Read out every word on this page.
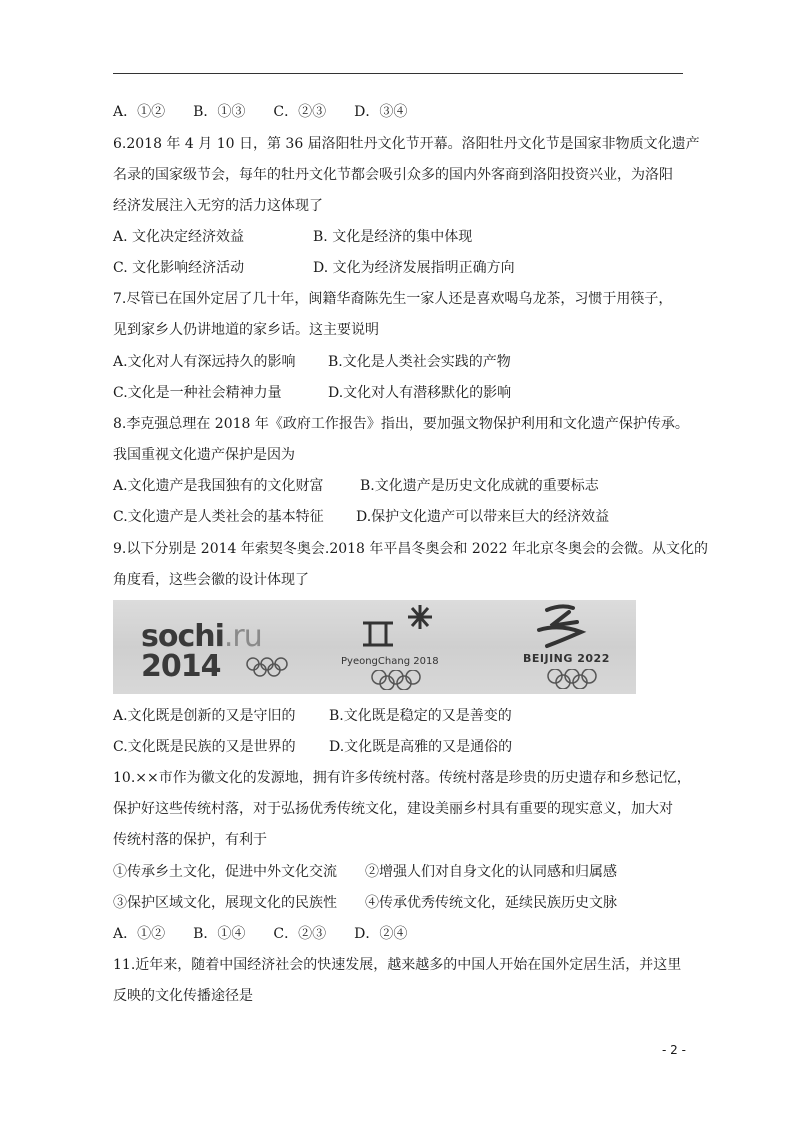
A．①②　　B．①③　　C．②③　　D．③④
6.2018 年 4 月 10 日，第 36 届洛阳牡丹文化节开幕。洛阳牡丹文化节是国家非物质文化遗产
名录的国家级节会，每年的牡丹文化节都会吸引众多的国内外客商到洛阳投资兴业，为洛阳
经济发展注入无穷的活力这体现了
A. 文化决定经济效益	B. 文化是经济的集中体现
C. 文化影响经济活动	D. 文化为经济发展指明正确方向
7.尽管已在国外定居了几十年，闽籍华裔陈先生一家人还是喜欢喝乌龙茶，习惯于用筷子，
见到家乡人仍讲地道的家乡话。这主要说明
A.文化对人有深远持久的影响 B.文化是人类社会实践的产物
C.文化是一种社会精神力量	D.文化对人有潜移默化的影响
8.李克强总理在 2018 年《政府工作报告》指出，要加强文物保护利用和文化遗产保护传承。
我国重视文化遗产保护是因为
A.文化遗产是我国独有的文化财富	B.文化遗产是历史文化成就的重要标志
C.文化遗产是人类社会的基本特征 D.保护文化遗产可以带来巨大的经济效益
9.以下分别是 2014 年索契冬奥会.2018 年平昌冬奥会和 2022 年北京冬奥会的会微。从文化的
角度看，这些会徽的设计体现了
sochi.ru
2014	PyeongChang 2018	BEIJING 2022
A.文化既是创新的又是守旧的 B.文化既是稳定的又是善变的
C.文化既是民族的又是世界的 D.文化既是高雅的又是通俗的
10.××市作为徽文化的发源地，拥有许多传统村落。传统村落是珍贵的历史遗存和乡愁记忆，
保护好这些传统村落，对于弘扬优秀传统文化，建设美丽乡村具有重要的现实意义，加大对
传统村落的保护，有利于
①传承乡土文化，促进中外文化交流 ②增强人们对自身文化的认同感和归属感
③保护区域文化，展现文化的民族性 ④传承优秀传统文化，延续民族历史文脉
A．①②　　B．①④　　C．②③　　D．②④
11.近年来，随着中国经济社会的快速发展，越来越多的中国人开始在国外定居生活，并这里
反映的文化传播途径是
- 2 -
